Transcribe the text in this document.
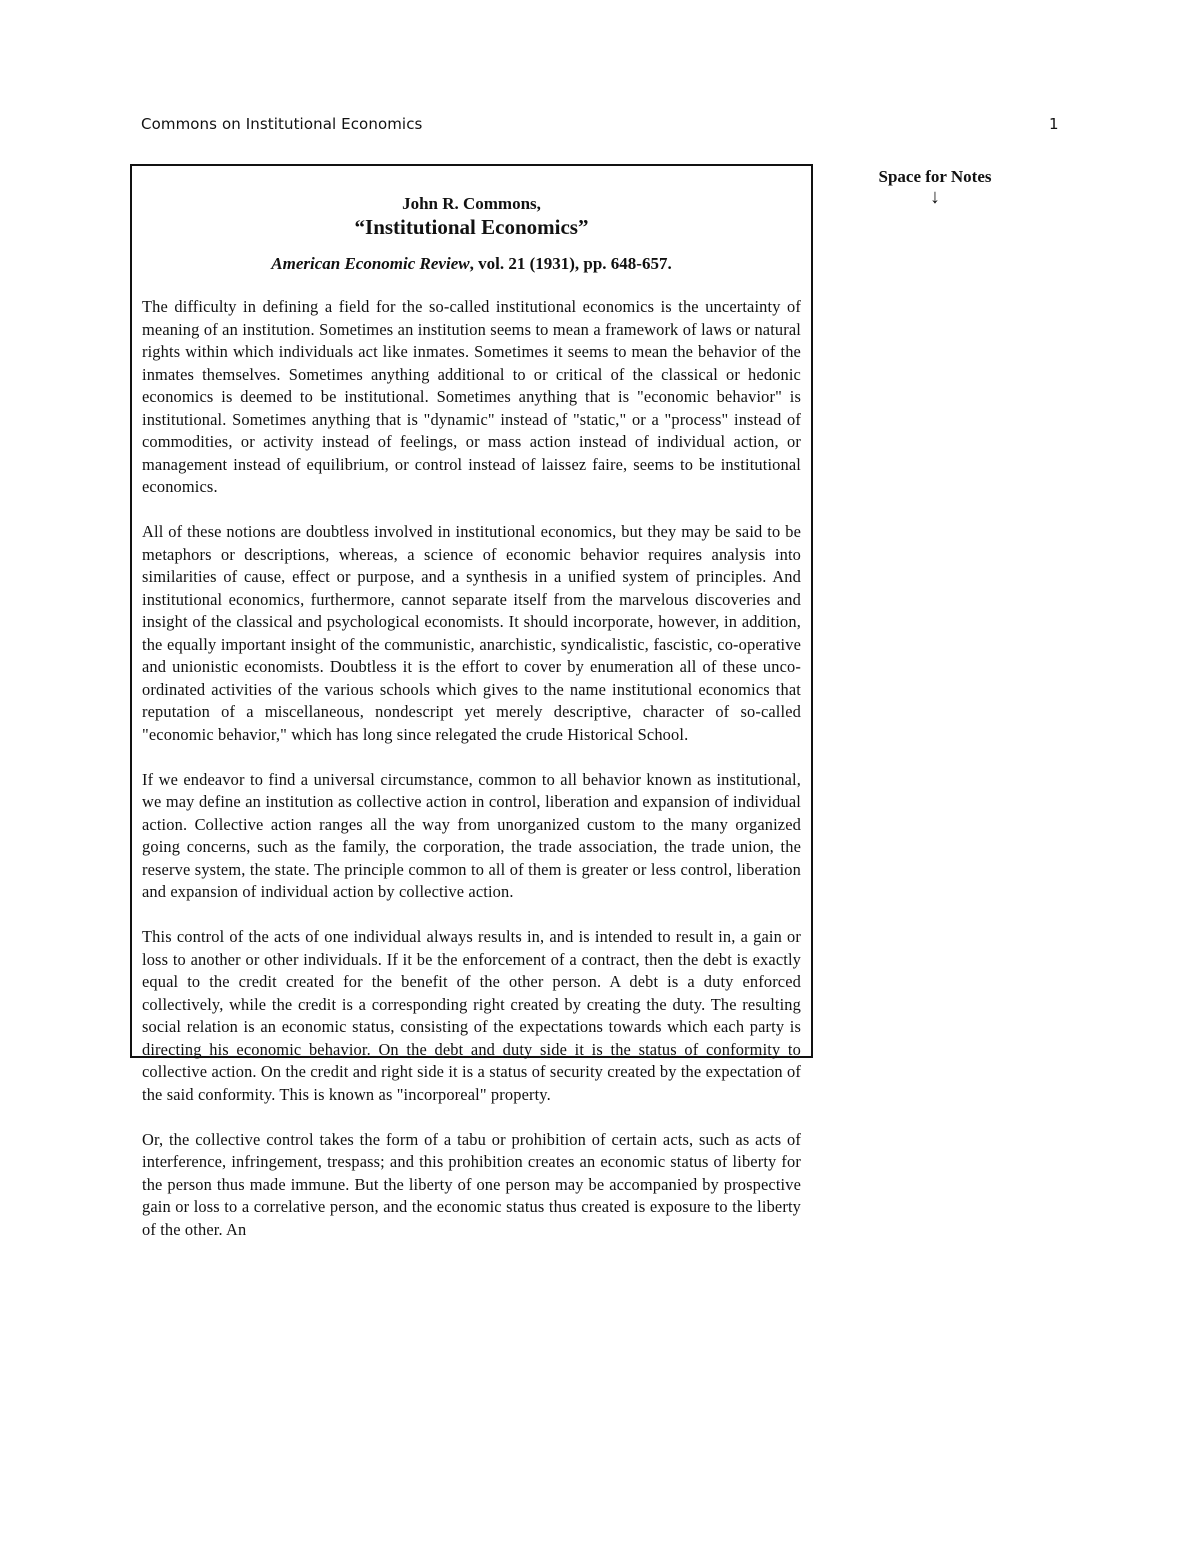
Commons on Institutional Economics	1
Space for Notes
↓

John R. Commons,

“Institutional Economics”

American Economic Review, vol. 21 (1931), pp. 648-657.

The difficulty in defining a field for the so-called institutional economics is the uncertainty of meaning of an institution. Sometimes an institution seems to mean a framework of laws or natural rights within which individuals act like inmates. Sometimes it seems to mean the behavior of the inmates themselves. Sometimes anything additional to or critical of the classical or hedonic economics is deemed to be institutional. Sometimes anything that is "economic behavior" is institutional. Sometimes anything that is "dynamic" instead of "static," or a "process" instead of commodities, or activity instead of feelings, or mass action instead of individual action, or management instead of equilibrium, or control instead of laissez faire, seems to be institutional economics.

All of these notions are doubtless involved in institutional economics, but they may be said to be metaphors or descriptions, whereas, a science of economic behavior requires analysis into similarities of cause, effect or purpose, and a synthesis in a unified system of principles. And institutional economics, furthermore, cannot separate itself from the marvelous discoveries and insight of the classical and psychological economists. It should incorporate, however, in addition, the equally important insight of the communistic, anarchistic, syndicalistic, fascistic, co-operative and unionistic economists. Doubtless it is the effort to cover by enumeration all of these unco-ordinated activities of the various schools which gives to the name institutional economics that reputation of a miscellaneous, nondescript yet merely descriptive, character of so-called "economic behavior," which has long since relegated the crude Historical School.

If we endeavor to find a universal circumstance, common to all behavior known as institutional, we may define an institution as collective action in control, liberation and expansion of individual action. Collective action ranges all the way from unorganized custom to the many organized going concerns, such as the family, the corporation, the trade association, the trade union, the reserve system, the state. The principle common to all of them is greater or less control, liberation and expansion of individual action by collective action.

This control of the acts of one individual always results in, and is intended to result in, a gain or loss to another or other individuals. If it be the enforcement of a contract, then the debt is exactly equal to the credit created for the benefit of the other person. A debt is a duty enforced collectively, while the credit is a corresponding right created by creating the duty. The resulting social relation is an economic status, consisting of the expectations towards which each party is directing his economic behavior. On the debt and duty side it is the status of conformity to collective action. On the credit and right side it is a status of security created by the expectation of the said conformity. This is known as "incorporeal" property.

Or, the collective control takes the form of a tabu or prohibition of certain acts, such as acts of interference, infringement, trespass; and this prohibition creates an economic status of liberty for the person thus made immune. But the liberty of one person may be accompanied by prospective gain or loss to a correlative person, and the economic status thus created is exposure to the liberty of the other. An
